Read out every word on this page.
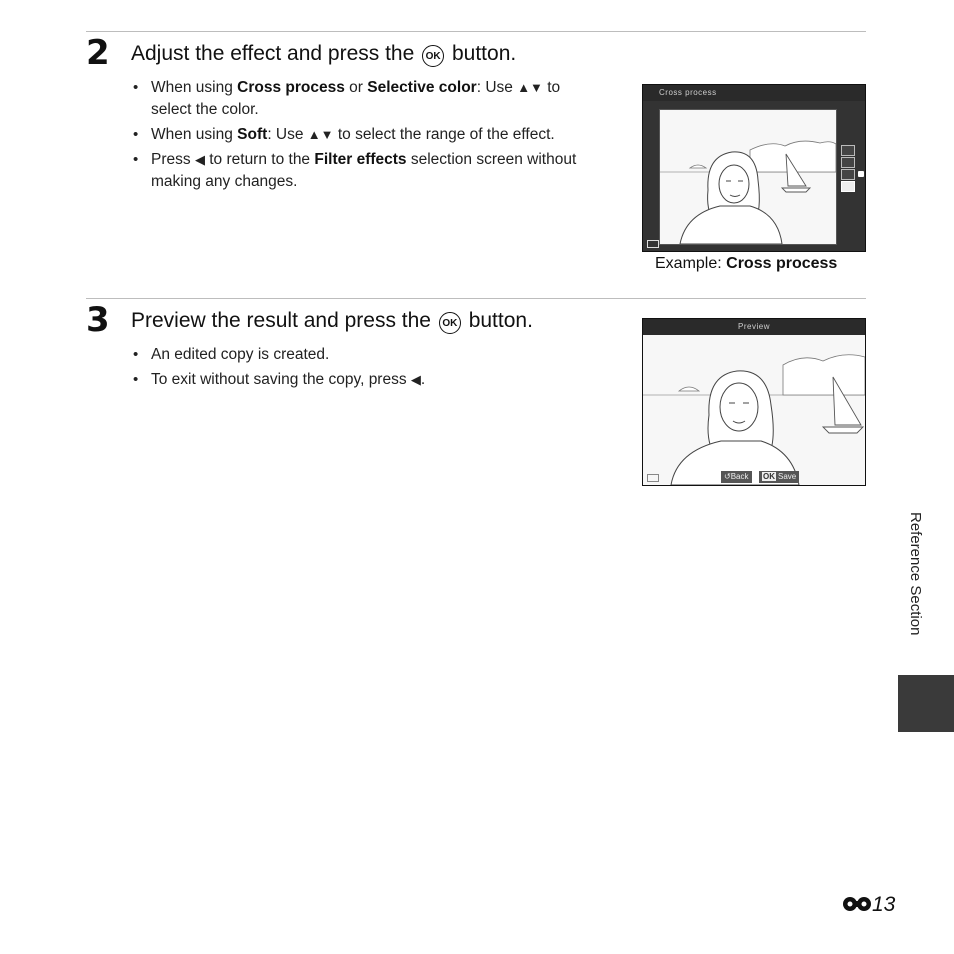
2 Adjust the effect and press the OK button.
• When using Cross process or Selective color: Use ▲▼ to select the color.
• When using Soft: Use ▲▼ to select the range of the effect.
• Press ◀ to return to the Filter effects selection screen without making any changes.
Cross process
Example: Cross process
3 Preview the result and press the OK button.
• An edited copy is created.
• To exit without saving the copy, press ◀.
Preview
↺Back	OK Save
Reference Section
13
